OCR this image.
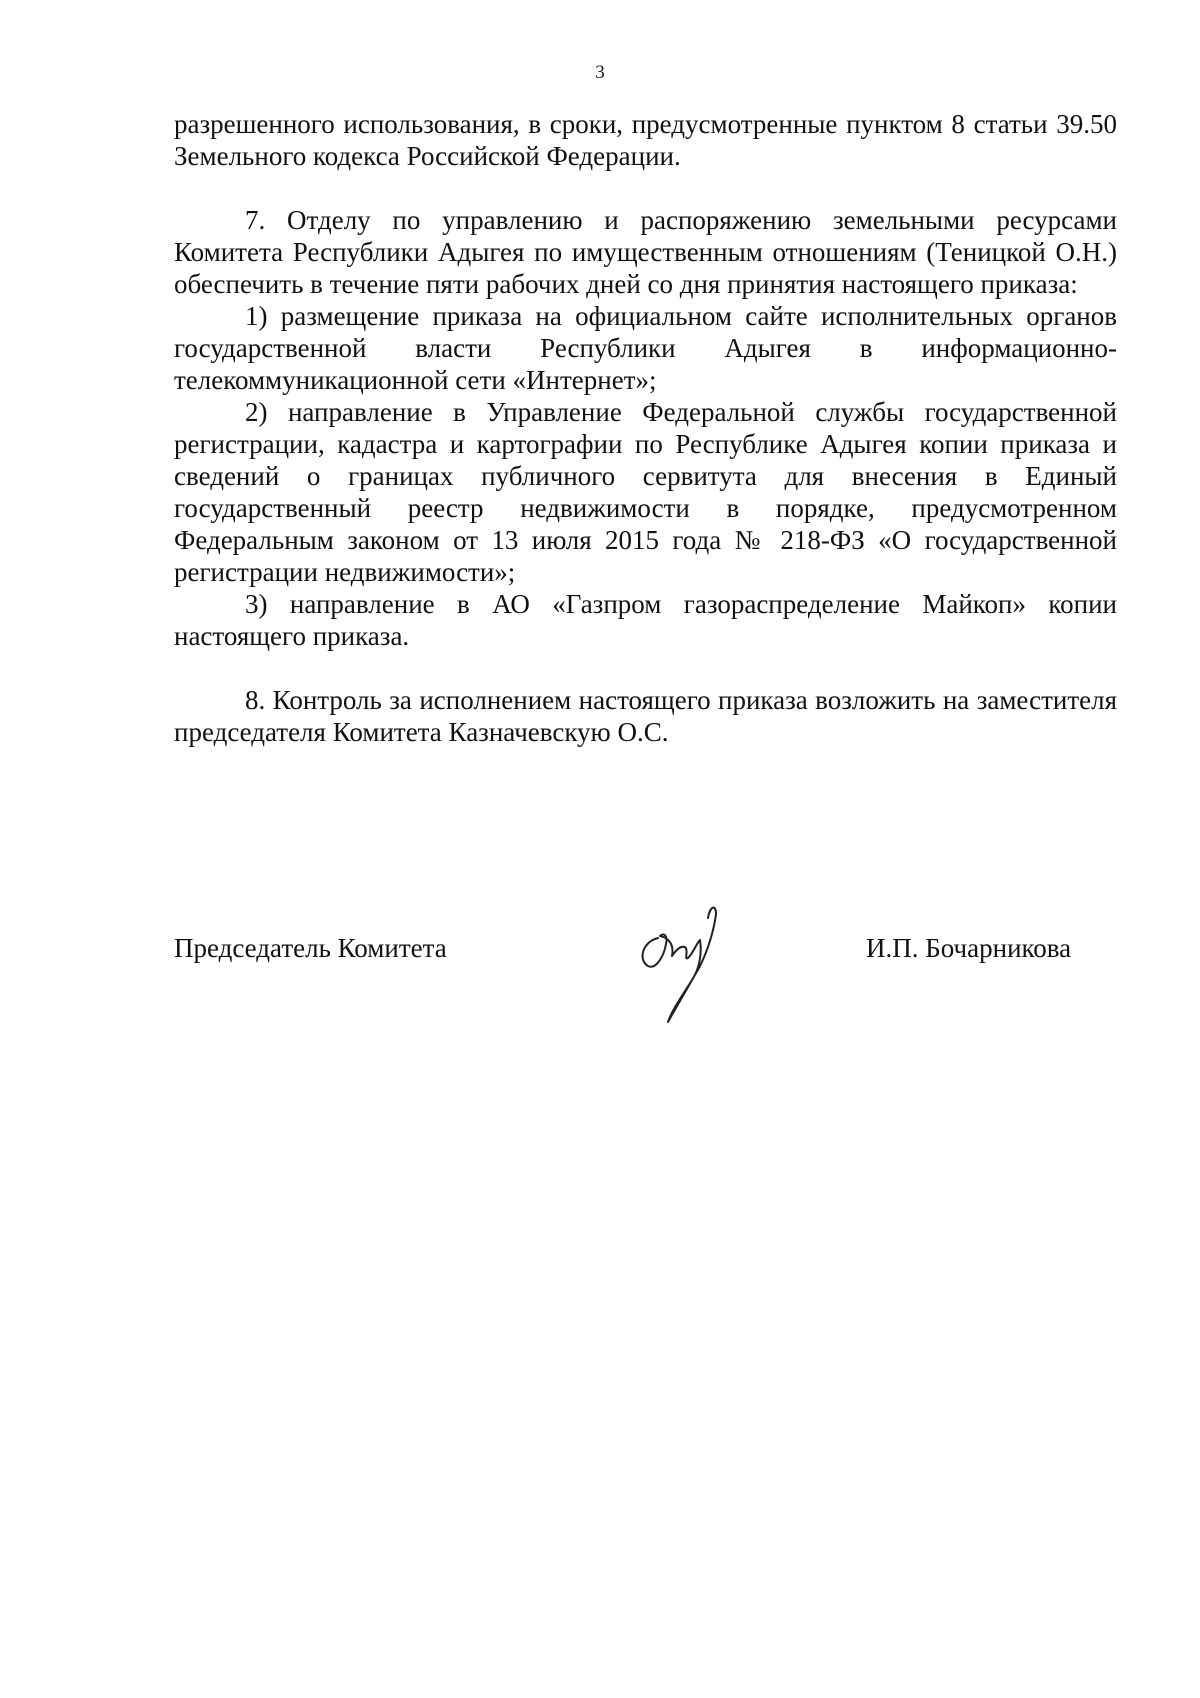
3

разрешенного использования, в сроки, предусмотренные пунктом 8 статьи 39.50 Земельного кодекса Российской Федерации.

7. Отделу по управлению и распоряжению земельными ресурсами Комитета Республики Адыгея по имущественным отношениям (Теницкой О.Н.) обеспечить в течение пяти рабочих дней со дня принятия настоящего приказа:

1) размещение приказа на официальном сайте исполнительных органов государственной власти Республики Адыгея в информационно-телекоммуникационной сети «Интернет»;

2) направление в Управление Федеральной службы государственной регистрации, кадастра и картографии по Республике Адыгея копии приказа и сведений о границах публичного сервитута для внесения в Единый государственный реестр недвижимости в порядке, предусмотренном Федеральным законом от 13 июля 2015 года № 218-ФЗ «О государственной регистрации недвижимости»;

3) направление в АО «Газпром газораспределение Майкоп» копии настоящего приказа.

8. Контроль за исполнением настоящего приказа возложить на заместителя председателя Комитета Казначевскую О.С.

Председатель Комитета	И.П. Бочарникова
